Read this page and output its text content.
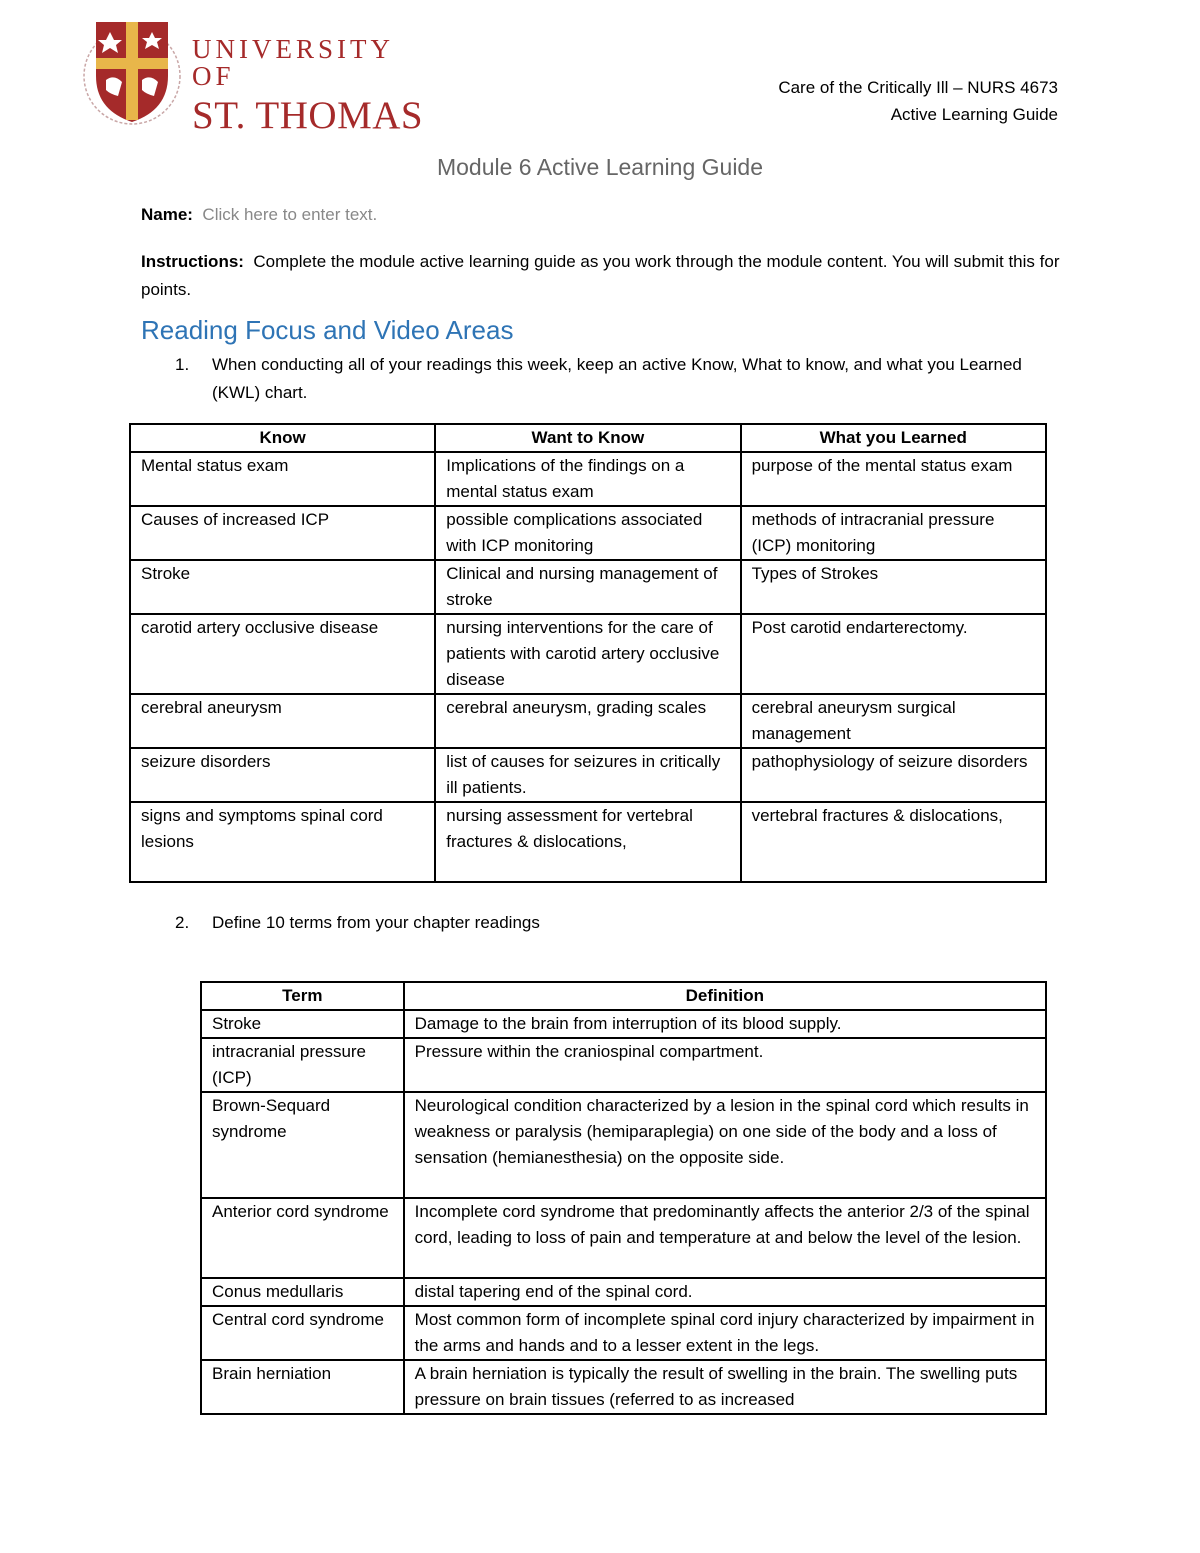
UNIVERSITY OF
ST. THOMAS
Care of the Critically Ill – NURS 4673
Active Learning Guide
Module 6 Active Learning Guide
Name: Click here to enter text.
Instructions: Complete the module active learning guide as you work through the module content. You will submit this for points.
Reading Focus and Video Areas
1. When conducting all of your readings this week, keep an active Know, What to know, and what you Learned (KWL) chart.
Know	Want to Know	What you Learned
Mental status exam	Implications of the findings on a mental status exam	purpose of the mental status exam
Causes of increased ICP	possible complications associated with ICP monitoring	methods of intracranial pressure (ICP) monitoring
Stroke	Clinical and nursing management of stroke	Types of Strokes
carotid artery occlusive disease	nursing interventions for the care of patients with carotid artery occlusive disease	Post carotid endarterectomy.
cerebral aneurysm	cerebral aneurysm, grading scales	cerebral aneurysm surgical management
seizure disorders	list of causes for seizures in critically ill patients.	pathophysiology of seizure disorders
signs and symptoms spinal cord lesions	nursing assessment for vertebral fractures & dislocations,	vertebral fractures & dislocations,
2. Define 10 terms from your chapter readings
Term	Definition
Stroke	Damage to the brain from interruption of its blood supply.
intracranial pressure (ICP)	Pressure within the craniospinal compartment.
Brown-Sequard syndrome	Neurological condition characterized by a lesion in the spinal cord which results in weakness or paralysis (hemiparaplegia) on one side of the body and a loss of sensation (hemianesthesia) on the opposite side.
Anterior cord syndrome	Incomplete cord syndrome that predominantly affects the anterior 2/3 of the spinal cord, leading to loss of pain and temperature at and below the level of the lesion.
Conus medullaris	distal tapering end of the spinal cord.
Central cord syndrome	Most common form of incomplete spinal cord injury characterized by impairment in the arms and hands and to a lesser extent in the legs.
Brain herniation	A brain herniation is typically the result of swelling in the brain. The swelling puts pressure on brain tissues (referred to as increased
